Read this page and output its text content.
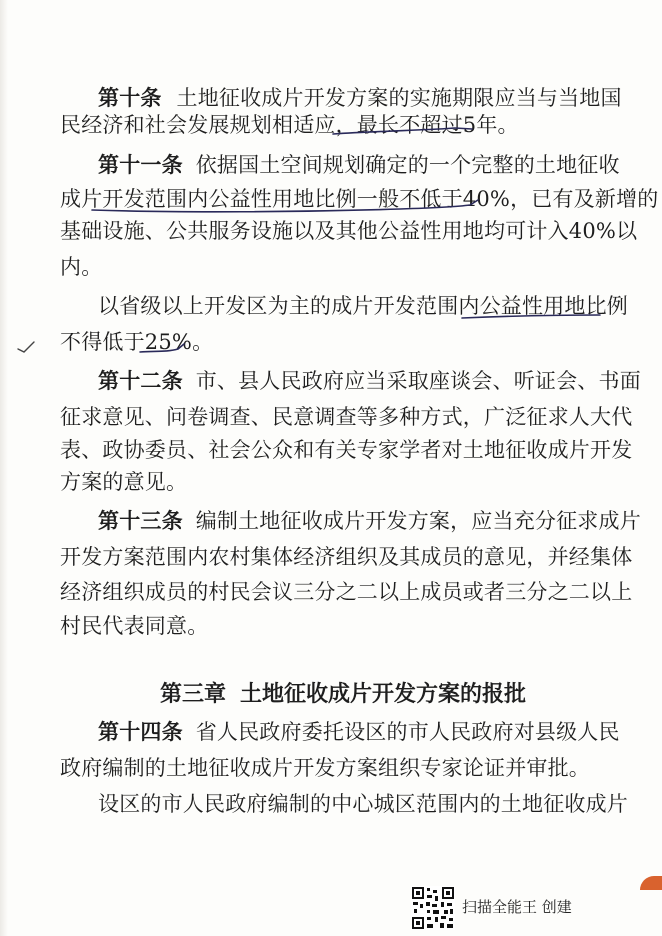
第十条 土地征收成片开发方案的实施期限应当与当地国
民经济和社会发展规划相适应，最长不超过5年。
第十一条 依据国土空间规划确定的一个完整的土地征收
成片开发范围内公益性用地比例一般不低于40%，已有及新增的
基础设施、公共服务设施以及其他公益性用地均可计入40%以
内。
以省级以上开发区为主的成片开发范围内公益性用地比例
不得低于25%。
第十二条 市、县人民政府应当采取座谈会、听证会、书面
征求意见、问卷调查、民意调查等多种方式，广泛征求人大代
表、政协委员、社会公众和有关专家学者对土地征收成片开发
方案的意见。
第十三条 编制土地征收成片开发方案，应当充分征求成片
开发方案范围内农村集体经济组织及其成员的意见，并经集体
经济组织成员的村民会议三分之二以上成员或者三分之二以上
村民代表同意。
第三章 土地征收成片开发方案的报批
第十四条 省人民政府委托设区的市人民政府对县级人民
政府编制的土地征收成片开发方案组织专家论证并审批。
设区的市人民政府编制的中心城区范围内的土地征收成片
扫描全能王 创建
